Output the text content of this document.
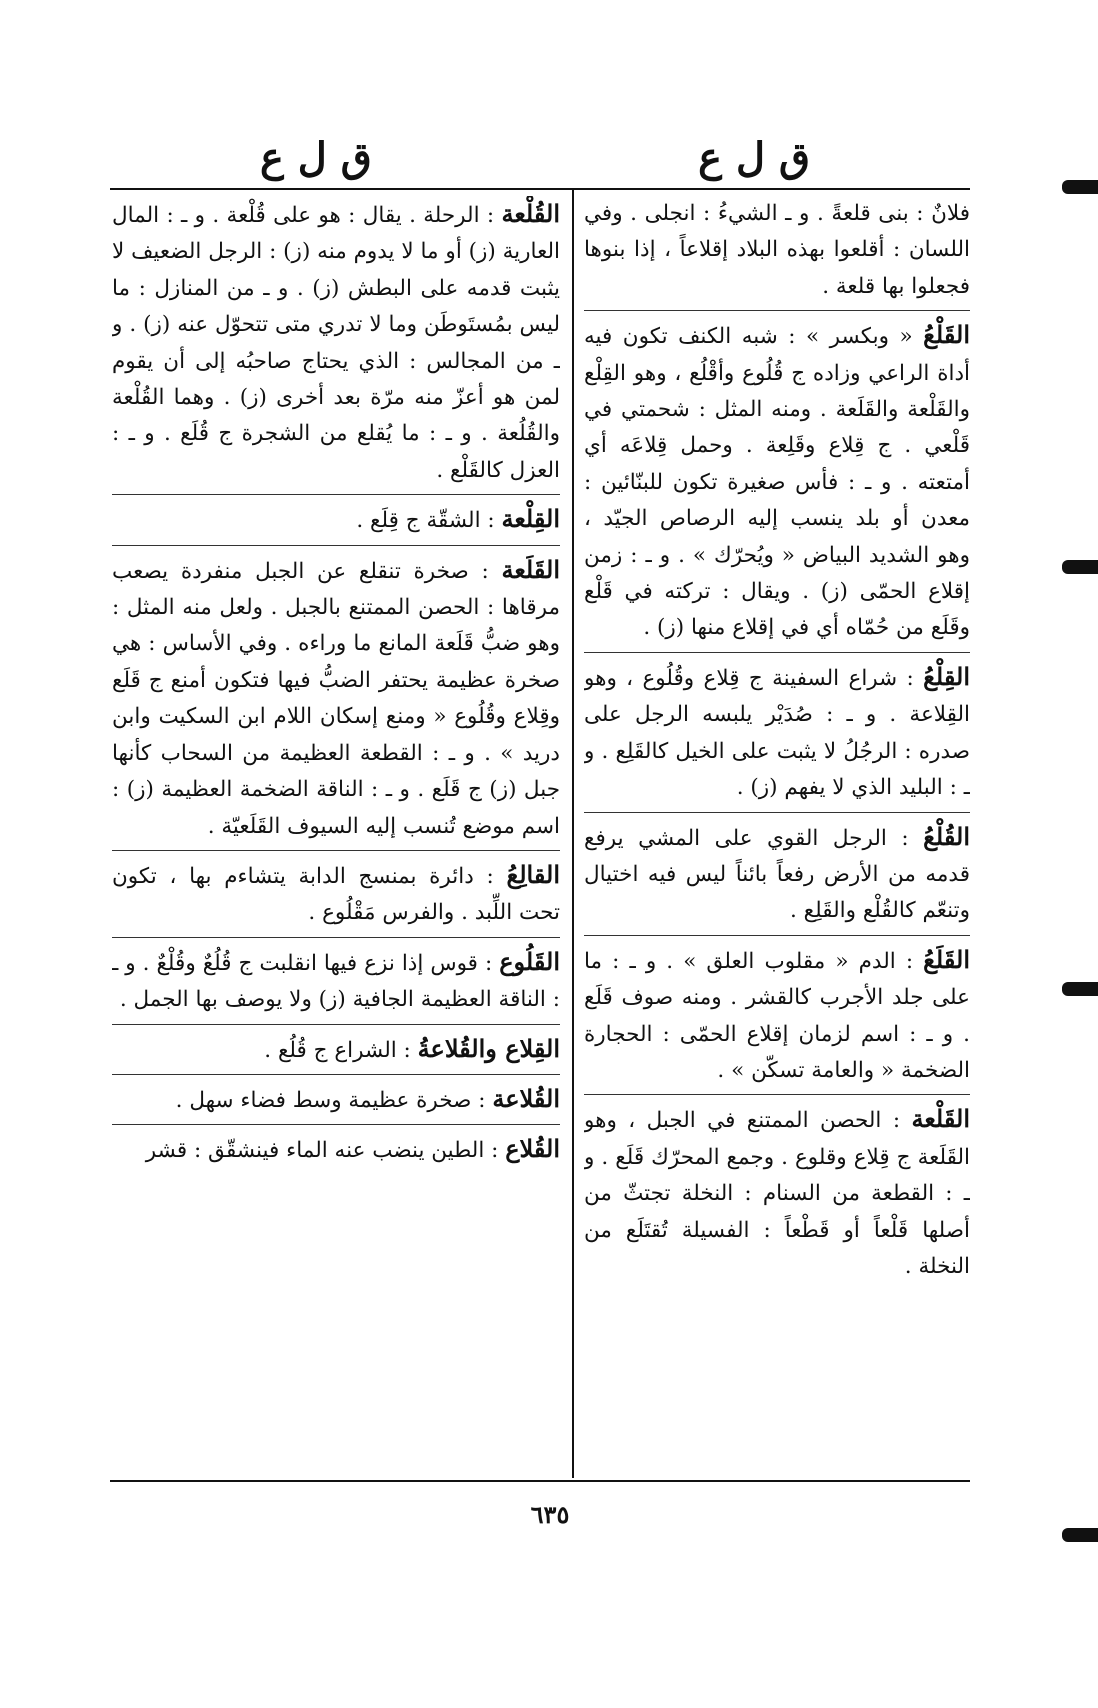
ق ل ع
ق ل ع

فلانٌ : بنى قلعةً . و ـ الشيءُ : انجلى . وفي اللسان : أقلعوا بهذه البلاد إقلاعاً ، إذا بنوها فجعلوا بها قلعة .

القَلْعُ « وبكسر » : شبه الكنف تكون فيه أداة الراعي وزاده ج قُلُوع وأقْلُع ، وهو القِلْع والقَلْعة والقَلَعة . ومنه المثل : شحمتي في قَلْعي . ج قِلاع وقَلِعة . وحمل قِلاعَه أي أمتعته . و ـ : فأس صغيرة تكون للبنّائين : معدن أو بلد ينسب إليه الرصاص الجيّد ، وهو الشديد البياض « ويُحرّك » . و ـ : زمن إقلاع الحمّى (ز) . ويقال : تركته في قَلْع وقَلَع من حُمّاه أي في إقلاع منها (ز) .

القِلْعُ : شراع السفينة ج قِلاع وقُلُوع ، وهو القِلاعة . و ـ : صُدَيْر يلبسه الرجل على صدره : الرجُلُ لا يثبت على الخيل كالقَلِع . و ـ : البليد الذي لا يفهم (ز) .

القُلْعُ : الرجل القوي على المشي يرفع قدمه من الأرض رفعاً بائناً ليس فيه اختيال وتنعّم كالقُلْع والقَلِع .

القَلَعُ : الدم « مقلوب العلق » . و ـ : ما على جلد الأجرب كالقشر . ومنه صوف قَلَع . و ـ : اسم لزمان إقلاع الحمّى : الحجارة الضخمة « والعامة تسكّن » .

القَلْعة : الحصن الممتنع في الجبل ، وهو القَلَعة ج قِلاع وقلوع . وجمع المحرّك قَلَع . و ـ : القطعة من السنام : النخلة تجتثّ من أصلها قَلْعاً أو قَطْعاً : الفسيلة تُقتَلَع من النخلة .

القُلْعة : الرحلة . يقال : هو على قُلْعة . و ـ : المال العارية (ز) أو ما لا يدوم منه (ز) : الرجل الضعيف لا يثبت قدمه على البطش (ز) . و ـ من المنازل : ما ليس بمُستَوطَن وما لا تدري متى تتحوّل عنه (ز) . و ـ من المجالس : الذي يحتاج صاحبُه إلى أن يقوم لمن هو أعزّ منه مرّة بعد أخرى (ز) . وهما القُلْعة والقُلُعة . و ـ : ما يُقلع من الشجرة ج قُلَع . و ـ : العزل كالقَلْع .

القِلْعة : الشقّة ج قِلَع .

القَلَعة : صخرة تنقلع عن الجبل منفردة يصعب مرقاها : الحصن الممتنع بالجبل . ولعل منه المثل : وهو ضبُّ قَلَعة المانع ما وراءه . وفي الأساس : هي صخرة عظيمة يحتفر الضبُّ فيها فتكون أمنع ج قَلَع وقِلاع وقُلُوع « ومنع إسكان اللام ابن السكيت وابن دريد » . و ـ : القطعة العظيمة من السحاب كأنها جبل (ز) ج قَلَع . و ـ : الناقة الضخمة العظيمة (ز) : اسم موضع تُنسب إليه السيوف القَلَعيّة .

القالِعُ : دائرة بمنسج الدابة يتشاءم بها ، تكون تحت اللِّبد . والفرس مَقْلُوع .

القَلُوع : قوس إذا نزع فيها انقلبت ج قُلُعٌ وقُلْعٌ . و ـ : الناقة العظيمة الجافية (ز) ولا يوصف بها الجمل .

القِلاع والقُلاعةُ : الشراع ج قُلُع .

القُلاعة : صخرة عظيمة وسط فضاء سهل .

القُلاع : الطين ينضب عنه الماء فينشقّق : قشر

٦٣٥
